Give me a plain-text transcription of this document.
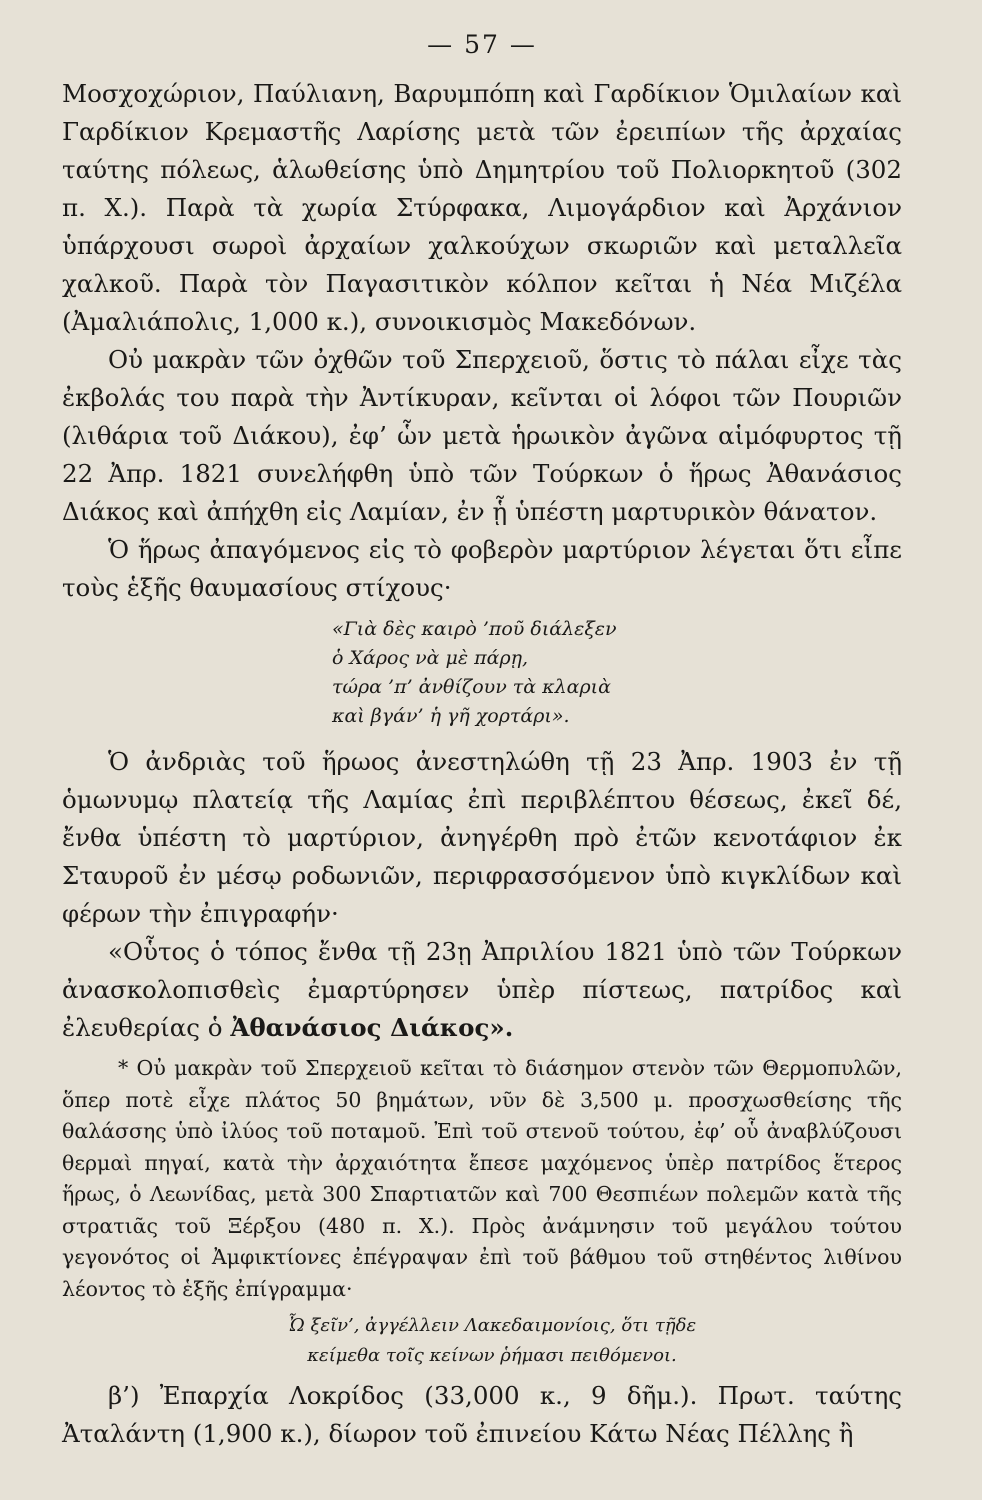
— 57 —

Μοσχοχώριον, Παύλιανη, Βαρυμπόπη καὶ Γαρδίκιον Ὁμιλαίων καὶ Γαρδίκιον Κρεμαστῆς Λαρίσης μετὰ τῶν ἐρειπίων τῆς ἀρχαίας ταύτης πόλεως, ἁλωθείσης ὑπὸ Δημητρίου τοῦ Πολιορκητοῦ (302 π. Χ.). Παρὰ τὰ χωρία Στύρφακα, Λιμογάρδιον καὶ Ἀρχάνιον ὑπάρχουσι σωροὶ ἀρχαίων χαλκούχων σκωριῶν καὶ μεταλλεῖα χαλκοῦ. Παρὰ τὸν Παγασιτικὸν κόλπον κεῖται ἡ Νέα Μιζέλα (Ἀμαλιάπολις, 1,000 κ.), συνοικισμὸς Μακεδόνων.

Οὐ μακρὰν τῶν ὀχθῶν τοῦ Σπερχειοῦ, ὅστις τὸ πάλαι εἶχε τὰς ἐκβολάς του παρὰ τὴν Ἀντίκυραν, κεῖνται οἱ λόφοι τῶν Πουριῶν (λιθάρια τοῦ Διάκου), ἐφ’ ὧν μετὰ ἡρωικὸν ἀγῶνα αἱμόφυρτος τῇ 22 Ἀπρ. 1821 συνελήφθη ὑπὸ τῶν Τούρκων ὁ ἥρως Ἀθανάσιος Διάκος καὶ ἀπήχθη εἰς Λαμίαν, ἐν ᾗ ὑπέστη μαρτυρικὸν θάνατον.

Ὁ ἥρως ἀπαγόμενος εἰς τὸ φοβερὸν μαρτύριον λέγεται ὅτι εἶπε τοὺς ἑξῆς θαυμασίους στίχους·

«Γιὰ δὲς καιρὸ ’ποῦ διάλεξεν

ὁ Χάρος νὰ μὲ πάρῃ,

τώρα ’π’ ἀνθίζουν τὰ κλαριὰ

καὶ βγάν’ ἡ γῆ χορτάρι».

Ὁ ἀνδριὰς τοῦ ἥρωος ἀνεστηλώθη τῇ 23 Ἀπρ. 1903 ἐν τῇ ὁμωνυμῳ πλατείᾳ τῆς Λαμίας ἐπὶ περιβλέπτου θέσεως, ἐκεῖ δέ, ἔνθα ὑπέστη τὸ μαρτύριον, ἀνηγέρθη πρὸ ἐτῶν κενοτάφιον ἐκ Σταυροῦ ἐν μέσῳ ροδωνιῶν, περιφρασσόμενον ὑπὸ κιγκλίδων καὶ φέρων τὴν ἐπιγραφήν·

«Οὗτος ὁ τόπος ἔνθα τῇ 23ῃ Ἀπριλίου 1821 ὑπὸ τῶν Τούρκων ἀνασκολοπισθεὶς ἐμαρτύρησεν ὑπὲρ πίστεως, πατρίδος καὶ ἐλευθερίας ὁ Ἀθανάσιος Διάκος».

* Οὐ μακρὰν τοῦ Σπερχειοῦ κεῖται τὸ διάσημον στενὸν τῶν Θερμοπυλῶν, ὅπερ ποτὲ εἶχε πλάτος 50 βημάτων, νῦν δὲ 3,500 μ. προσχωσθείσης τῆς θαλάσσης ὑπὸ ἰλύος τοῦ ποταμοῦ. Ἐπὶ τοῦ στενοῦ τούτου, ἐφ’ οὗ ἀναβλύζουσι θερμαὶ πηγαί, κατὰ τὴν ἀρχαιότητα ἔπεσε μαχόμενος ὑπὲρ πατρίδος ἕτερος ἥρως, ὁ Λεωνίδας, μετὰ 300 Σπαρτιατῶν καὶ 700 Θεσπιέων πολεμῶν κατὰ τῆς στρατιᾶς τοῦ Ξέρξου (480 π. Χ.). Πρὸς ἀνάμνησιν τοῦ μεγάλου τούτου γεγονότος οἱ Ἀμφικτίονες ἐπέγραψαν ἐπὶ τοῦ βάθμου τοῦ στηθέντος λιθίνου λέοντος τὸ ἑξῆς ἐπίγραμμα·

Ὦ ξεῖν’, ἀγγέλλειν Λακεδαιμονίοις, ὅτι τῇδε

κείμεθα τοῖς κείνων ῥήμασι πειθόμενοι.

β’) Ἐπαρχία Λοκρίδος (33,000 κ., 9 δῆμ.). Πρωτ. ταύτης Ἀταλάντη (1,900 κ.), δίωρον τοῦ ἐπινείου Κάτω Νέας Πέλλης ἢ
